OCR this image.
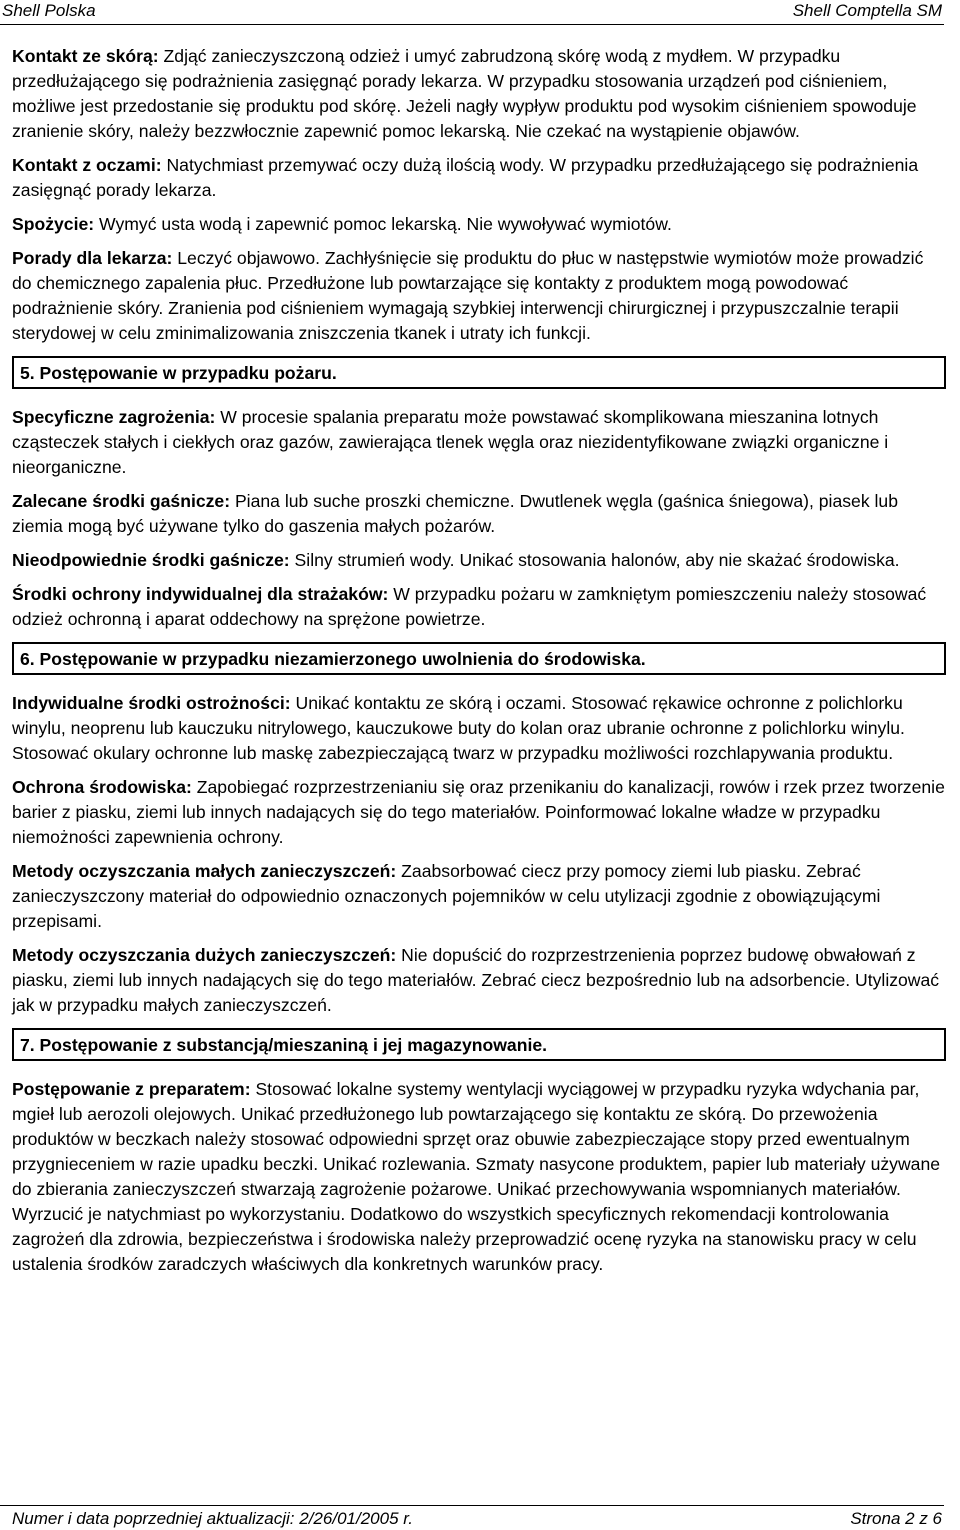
Shell Polska	Shell Comptella SM

Kontakt ze skórą: Zdjąć zanieczyszczoną odzież i umyć zabrudzoną skórę wodą z mydłem. W przypadku przedłużającego się podrażnienia zasięgnąć porady lekarza. W przypadku stosowania urządzeń pod ciśnieniem, możliwe jest przedostanie się produktu pod skórę. Jeżeli nagły wypływ produktu pod wysokim ciśnieniem spowoduje zranienie skóry, należy bezzwłocznie zapewnić pomoc lekarską. Nie czekać na wystąpienie objawów.

Kontakt z oczami: Natychmiast przemywać oczy dużą ilością wody. W przypadku przedłużającego się podrażnienia zasięgnąć porady lekarza.

Spożycie: Wymyć usta wodą i zapewnić pomoc lekarską. Nie wywoływać wymiotów.

Porady dla lekarza: Leczyć objawowo. Zachłyśnięcie się produktu do płuc w następstwie wymiotów może prowadzić do chemicznego zapalenia płuc. Przedłużone lub powtarzające się kontakty z produktem mogą powodować podrażnienie skóry. Zranienia pod ciśnieniem wymagają szybkiej interwencji chirurgicznej i przypuszczalnie terapii sterydowej w celu zminimalizowania zniszczenia tkanek i utraty ich funkcji.

5. Postępowanie w przypadku pożaru.

Specyficzne zagrożenia: W procesie spalania preparatu może powstawać skomplikowana mieszanina lotnych cząsteczek stałych i ciekłych oraz gazów, zawierająca tlenek węgla oraz niezidentyfikowane związki organiczne i nieorganiczne.

Zalecane środki gaśnicze: Piana lub suche proszki chemiczne. Dwutlenek węgla (gaśnica śniegowa), piasek lub ziemia mogą być używane tylko do gaszenia małych pożarów.

Nieodpowiednie środki gaśnicze: Silny strumień wody. Unikać stosowania halonów, aby nie skażać środowiska.

Środki ochrony indywidualnej dla strażaków: W przypadku pożaru w zamkniętym pomieszczeniu należy stosować odzież ochronną i aparat oddechowy na sprężone powietrze.

6. Postępowanie w przypadku niezamierzonego uwolnienia do środowiska.

Indywidualne środki ostrożności: Unikać kontaktu ze skórą i oczami. Stosować rękawice ochronne z polichlorku winylu, neoprenu lub kauczuku nitrylowego, kauczukowe buty do kolan oraz ubranie ochronne z polichlorku winylu. Stosować okulary ochronne lub maskę zabezpieczającą twarz w przypadku możliwości rozchlapywania produktu.

Ochrona środowiska: Zapobiegać rozprzestrzenianiu się oraz przenikaniu do kanalizacji, rowów i rzek przez tworzenie barier z piasku, ziemi lub innych nadających się do tego materiałów. Poinformować lokalne władze w przypadku niemożności zapewnienia ochrony.

Metody oczyszczania małych zanieczyszczeń: Zaabsorbować ciecz przy pomocy ziemi lub piasku. Zebrać zanieczyszczony materiał do odpowiednio oznaczonych pojemników w celu utylizacji zgodnie z obowiązującymi przepisami.

Metody oczyszczania dużych zanieczyszczeń: Nie dopuścić do rozprzestrzenienia poprzez budowę obwałowań z piasku, ziemi lub innych nadających się do tego materiałów. Zebrać ciecz bezpośrednio lub na adsorbencie. Utylizować jak w przypadku małych zanieczyszczeń.

7. Postępowanie z substancją/mieszaniną i jej magazynowanie.

Postępowanie z preparatem: Stosować lokalne systemy wentylacji wyciągowej w przypadku ryzyka wdychania par, mgieł lub aerozoli olejowych. Unikać przedłużonego lub powtarzającego się kontaktu ze skórą. Do przewożenia produktów w beczkach należy stosować odpowiedni sprzęt oraz obuwie zabezpieczające stopy przed ewentualnym przygnieceniem w razie upadku beczki. Unikać rozlewania. Szmaty nasycone produktem, papier lub materiały używane do zbierania zanieczyszczeń stwarzają zagrożenie pożarowe. Unikać przechowywania wspomnianych materiałów. Wyrzucić je natychmiast po wykorzystaniu. Dodatkowo do wszystkich specyficznych rekomendacji kontrolowania zagrożeń dla zdrowia, bezpieczeństwa i środowiska należy przeprowadzić ocenę ryzyka na stanowisku pracy w celu ustalenia środków zaradczych właściwych dla konkretnych warunków pracy.

Numer i data poprzedniej aktualizacji: 2/26/01/2005 r.	Strona 2 z 6
